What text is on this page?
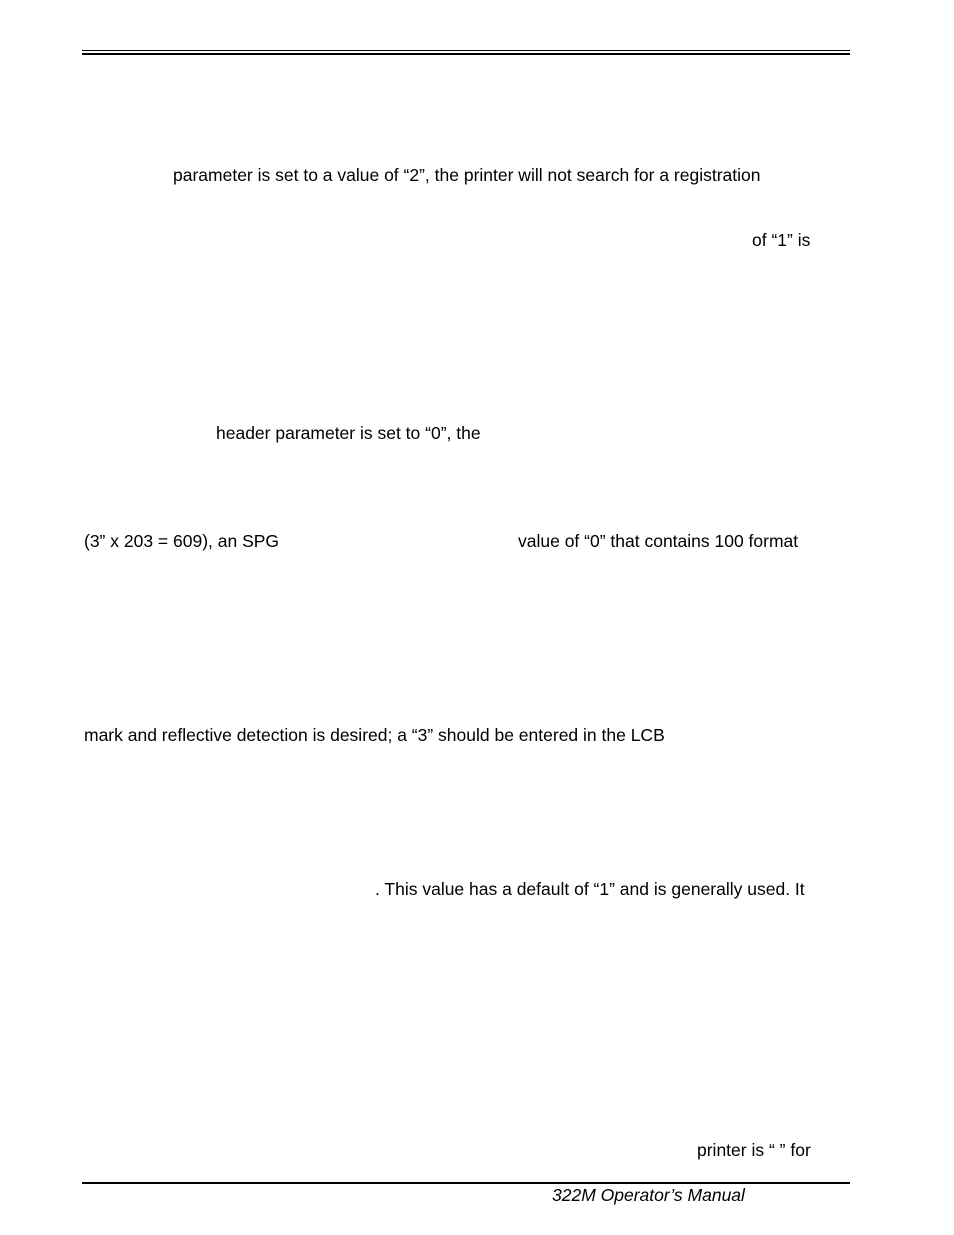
parameter is set to a value of “2”, the printer will not search for a registration
of “1” is
header parameter is set to “0”, the
(3” x 203 = 609), an SPG	value of “0” that contains 100 format
mark and reflective detection is desired; a “3” should be entered in the LCB
. This value has a default of “1” and is generally used. It
printer is “ ” for
322M Operator’s Manual
